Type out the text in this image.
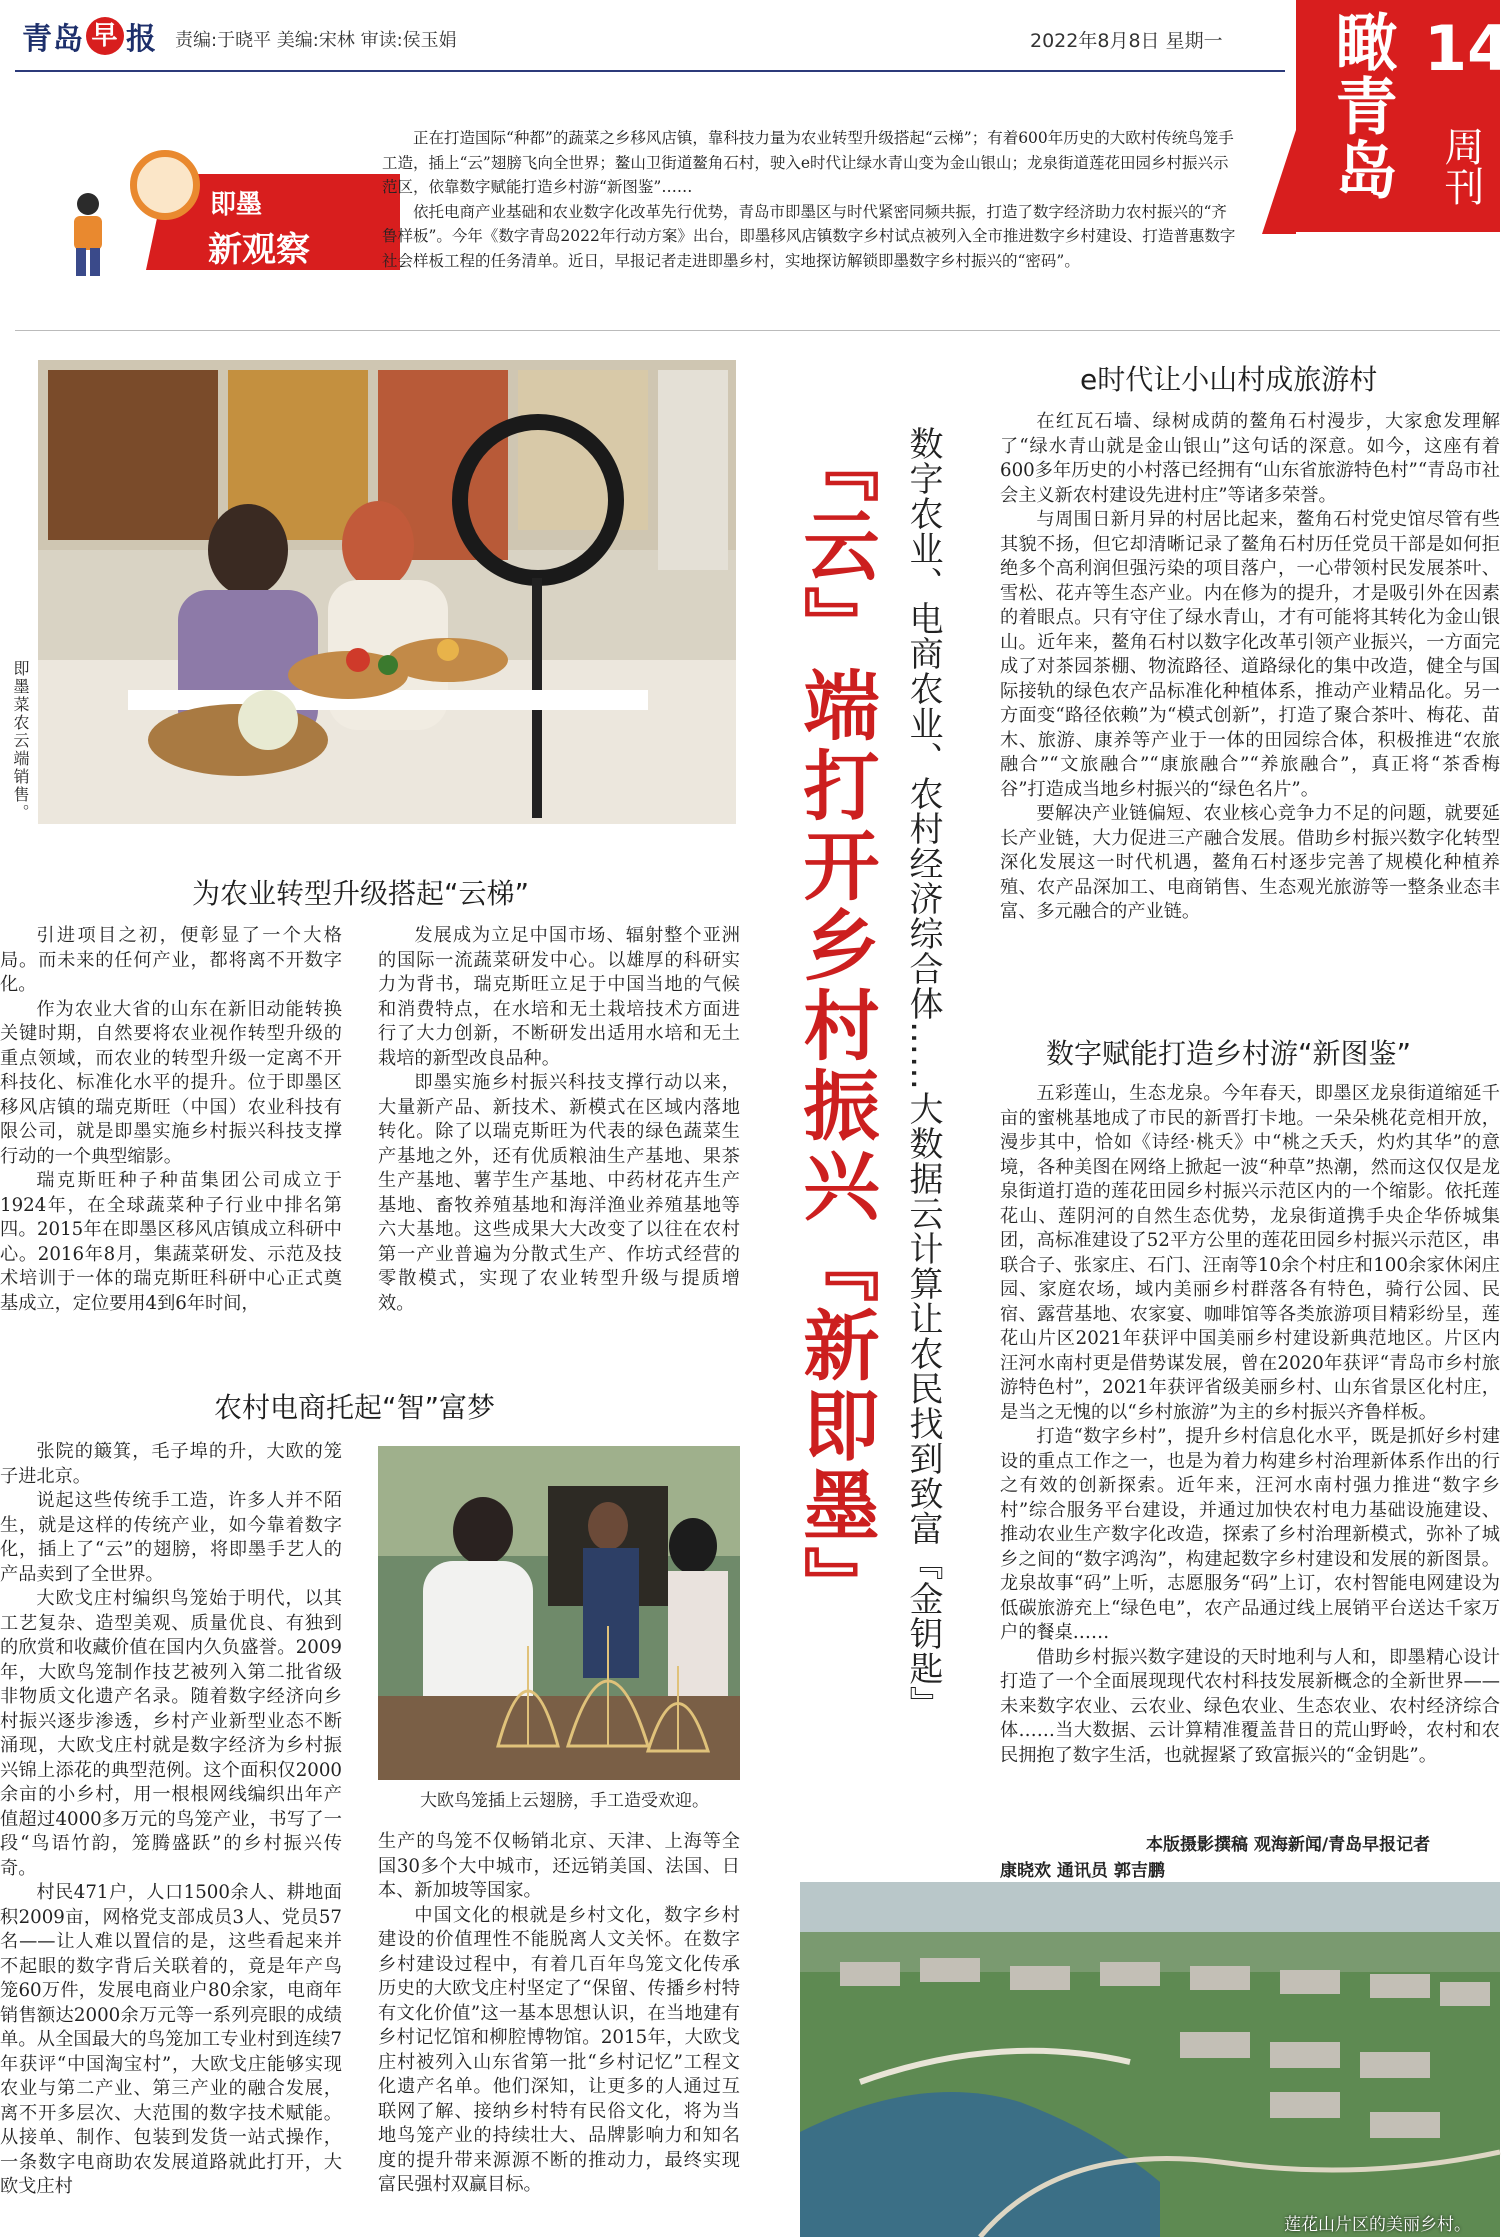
青岛 早 报 责编:于晓平 美编:宋林 审读:侯玉娟	2022年8月8日 星期一 瞰青岛 14
周刊
即墨
新观察

正在打造国际“种都”的蔬菜之乡移风店镇，靠科技力量为农业转型升级搭起“云梯”；有着600年历史的大欧村传统鸟笼手工造，插上“云”翅膀飞向全世界；鳌山卫街道鳌角石村，驶入e时代让绿水青山变为金山银山；龙泉街道莲花田园乡村振兴示范区，依靠数字赋能打造乡村游“新图鉴”……

依托电商产业基础和农业数字化改革先行优势，青岛市即墨区与时代紧密同频共振，打造了数字经济助力农村振兴的“齐鲁样板”。今年《数字青岛2022年行动方案》出台，即墨移风店镇数字乡村试点被列入全市推进数字乡村建设、打造普惠数字社会样板工程的任务清单。近日，早报记者走进即墨乡村，实地探访解锁即墨数字乡村振兴的“密码”。

即墨菜农云端销售。
为农业转型升级搭起“云梯”

引进项目之初，便彰显了一个大格局。而未来的任何产业，都将离不开数字化。

作为农业大省的山东在新旧动能转换关键时期，自然要将农业视作转型升级的重点领域，而农业的转型升级一定离不开科技化、标准化水平的提升。位于即墨区移风店镇的瑞克斯旺（中国）农业科技有限公司，就是即墨实施乡村振兴科技支撑行动的一个典型缩影。

瑞克斯旺种子种苗集团公司成立于1924年，在全球蔬菜种子行业中排名第四。2015年在即墨区移风店镇成立科研中心。2016年8月，集蔬菜研发、示范及技术培训于一体的瑞克斯旺科研中心正式奠基成立，定位要用4到6年时间，

发展成为立足中国市场、辐射整个亚洲的国际一流蔬菜研发中心。以雄厚的科研实力为背书，瑞克斯旺立足于中国当地的气候和消费特点，在水培和无土栽培技术方面进行了大力创新，不断研发出适用水培和无土栽培的新型改良品种。

即墨实施乡村振兴科技支撑行动以来，大量新产品、新技术、新模式在区域内落地转化。除了以瑞克斯旺为代表的绿色蔬菜生产基地之外，还有优质粮油生产基地、果茶生产基地、薯芋生产基地、中药材花卉生产基地、畜牧养殖基地和海洋渔业养殖基地等六大基地。这些成果大大改变了以往在农村第一产业普遍为分散式生产、作坊式经营的零散模式，实现了农业转型升级与提质增效。

农村电商托起“智”富梦

张院的簸箕，毛子埠的升，大欧的笼子进北京。

说起这些传统手工造，许多人并不陌生，就是这样的传统产业，如今靠着数字化，插上了“云”的翅膀，将即墨手艺人的产品卖到了全世界。

大欧戈庄村编织鸟笼始于明代，以其工艺复杂、造型美观、质量优良、有独到的欣赏和收藏价值在国内久负盛誉。2009年，大欧鸟笼制作技艺被列入第二批省级非物质文化遗产名录。随着数字经济向乡村振兴逐步渗透，乡村产业新型业态不断涌现，大欧戈庄村就是数字经济为乡村振兴锦上添花的典型范例。这个面积仅2000余亩的小乡村，用一根根网线编织出年产值超过4000多万元的鸟笼产业，书写了一段“鸟语竹韵，笼腾盛跃”的乡村振兴传奇。

村民471户，人口1500余人、耕地面积2009亩，网格党支部成员3人、党员57名——让人难以置信的是，这些看起来并不起眼的数字背后关联着的，竟是年产鸟笼60万件，发展电商业户80余家，电商年销售额达2000余万元等一系列亮眼的成绩单。从全国最大的鸟笼加工专业村到连续7年获评“中国淘宝村”，大欧戈庄能够实现农业与第二产业、第三产业的融合发展，离不开多层次、大范围的数字技术赋能。从接单、制作、包装到发货一站式操作，一条数字电商助农发展道路就此打开，大欧戈庄村

大欧鸟笼插上云翅膀，手工造受欢迎。

生产的鸟笼不仅畅销北京、天津、上海等全国30多个大中城市，还远销美国、法国、日本、新加坡等国家。

中国文化的根就是乡村文化，数字乡村建设的价值理性不能脱离人文关怀。在数字乡村建设过程中，有着几百年鸟笼文化传承历史的大欧戈庄村坚定了“保留、传播乡村特有文化价值”这一基本思想认识，在当地建有乡村记忆馆和柳腔博物馆。2015年，大欧戈庄村被列入山东省第一批“乡村记忆”工程文化遗产名单。他们深知，让更多的人通过互联网了解、接纳乡村特有民俗文化，将为当地鸟笼产业的持续壮大、品牌影响力和知名度的提升带来源源不断的推动力，最终实现富民强村双赢目标。

『云』端打开乡村振兴『新即墨』 数字农业、电商农业、农村经济综合体……大数据云计算让农民找到致富『金钥匙』
e时代让小山村成旅游村

在红瓦石墙、绿树成荫的鳌角石村漫步，大家愈发理解了“绿水青山就是金山银山”这句话的深意。如今，这座有着600多年历史的小村落已经拥有“山东省旅游特色村”“青岛市社会主义新农村建设先进村庄”等诸多荣誉。

与周围日新月异的村居比起来，鳌角石村党史馆尽管有些其貌不扬，但它却清晰记录了鳌角石村历任党员干部是如何拒绝多个高利润但强污染的项目落户，一心带领村民发展茶叶、雪松、花卉等生态产业。内在修为的提升，才是吸引外在因素的着眼点。只有守住了绿水青山，才有可能将其转化为金山银山。近年来，鳌角石村以数字化改革引领产业振兴，一方面完成了对茶园茶棚、物流路径、道路绿化的集中改造，健全与国际接轨的绿色农产品标准化种植体系，推动产业精品化。另一方面变“路径依赖”为“模式创新”，打造了聚合茶叶、梅花、苗木、旅游、康养等产业于一体的田园综合体，积极推进“农旅融合”“文旅融合”“康旅融合”“养旅融合”，真正将“茶香梅谷”打造成当地乡村振兴的“绿色名片”。

要解决产业链偏短、农业核心竞争力不足的问题，就要延长产业链，大力促进三产融合发展。借助乡村振兴数字化转型深化发展这一时代机遇，鳌角石村逐步完善了规模化种植养殖、农产品深加工、电商销售、生态观光旅游等一整条业态丰富、多元融合的产业链。

数字赋能打造乡村游“新图鉴”

五彩莲山，生态龙泉。今年春天，即墨区龙泉街道缩延千亩的蜜桃基地成了市民的新晋打卡地。一朵朵桃花竞相开放，漫步其中，恰如《诗经·桃夭》中“桃之夭夭，灼灼其华”的意境，各种美图在网络上掀起一波“种草”热潮，然而这仅仅是龙泉街道打造的莲花田园乡村振兴示范区内的一个缩影。依托莲花山、莲阴河的自然生态优势，龙泉街道携手央企华侨城集团，高标准建设了52平方公里的莲花田园乡村振兴示范区，串联合子、张家庄、石门、汪南等10余个村庄和100余家休闲庄园、家庭农场，域内美丽乡村群落各有特色，骑行公园、民宿、露营基地、农家宴、咖啡馆等各类旅游项目精彩纷呈，莲花山片区2021年获评中国美丽乡村建设新典范地区。片区内汪河水南村更是借势谋发展，曾在2020年获评“青岛市乡村旅游特色村”，2021年获评省级美丽乡村、山东省景区化村庄，是当之无愧的以“乡村旅游”为主的乡村振兴齐鲁样板。

打造“数字乡村”，提升乡村信息化水平，既是抓好乡村建设的重点工作之一，也是为着力构建乡村治理新体系作出的行之有效的创新探索。近年来，汪河水南村强力推进“数字乡村”综合服务平台建设，并通过加快农村电力基础设施建设、推动农业生产数字化改造，探索了乡村治理新模式，弥补了城乡之间的“数字鸿沟”，构建起数字乡村建设和发展的新图景。龙泉故事“码”上听，志愿服务“码”上订，农村智能电网建设为低碳旅游充上“绿色电”，农产品通过线上展销平台送达千家万户的餐桌……

借助乡村振兴数字建设的天时地利与人和，即墨精心设计打造了一个全面展现现代农村科技发展新概念的全新世界——未来数字农业、云农业、绿色农业、生态农业、农村经济综合体……当大数据、云计算精准覆盖昔日的荒山野岭，农村和农民拥抱了数字生活，也就握紧了致富振兴的“金钥匙”。

本版摄影撰稿 观海新闻/青岛早报记者
康晓欢 通讯员 郭吉鹏
莲花山片区的美丽乡村。
